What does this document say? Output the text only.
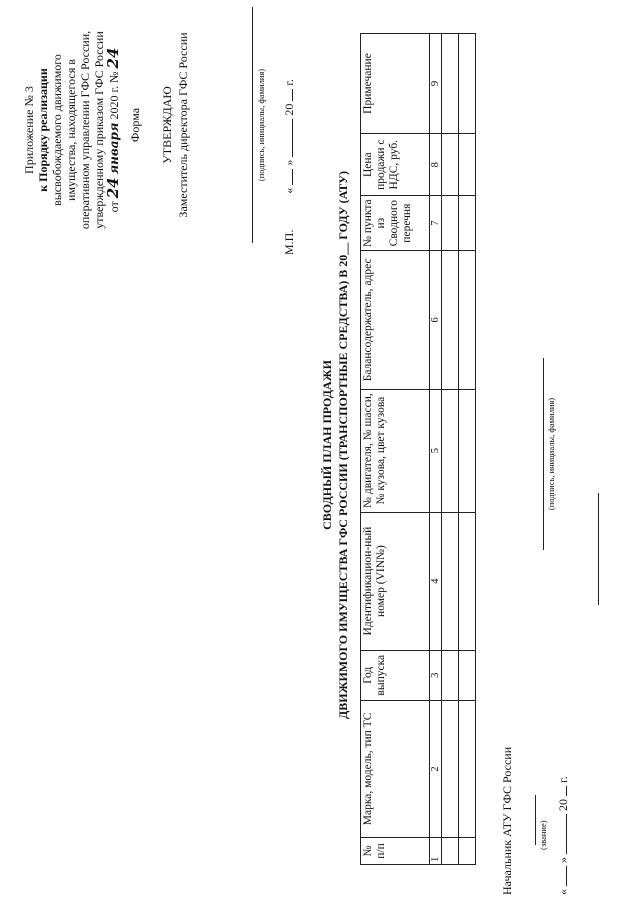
Приложение № 3 к Порядку реализации высвобождаемого движимого имущества, находящегося в оперативном управлении ГФС России, утвержденному приказом ГФС России от 24 января 2020 г. № 24
Форма УТВЕРЖДАЮ Заместитель директора ГФС России	(подпись, инициалы, фамилия)
М.П.  «  »  20  г.
СВОДНЫЙ ПЛАН ПРОДАЖИ ДВИЖИМОГО ИМУЩЕСТВА ГФС РОССИИ (ТРАНСПОРТНЫЕ СРЕДСТВА) В 20__ ГОДУ (АТУ)
№ п/п	Марка, модель, тип ТС	Год выпуска	Идентификацион-ный номер (VIN№)	№ двигателя, № шасси, № кузова, цвет кузова	Балансодержатель, адрес	№ пункта из Сводного перечня	Цена продажи с НДС, руб.	Примечание
1	2	3	4	5	6	7	8	9

(подпись, инициалы, фамилия)
Начальник АТУ ГФС России	(звание)
«  »  20  г.
